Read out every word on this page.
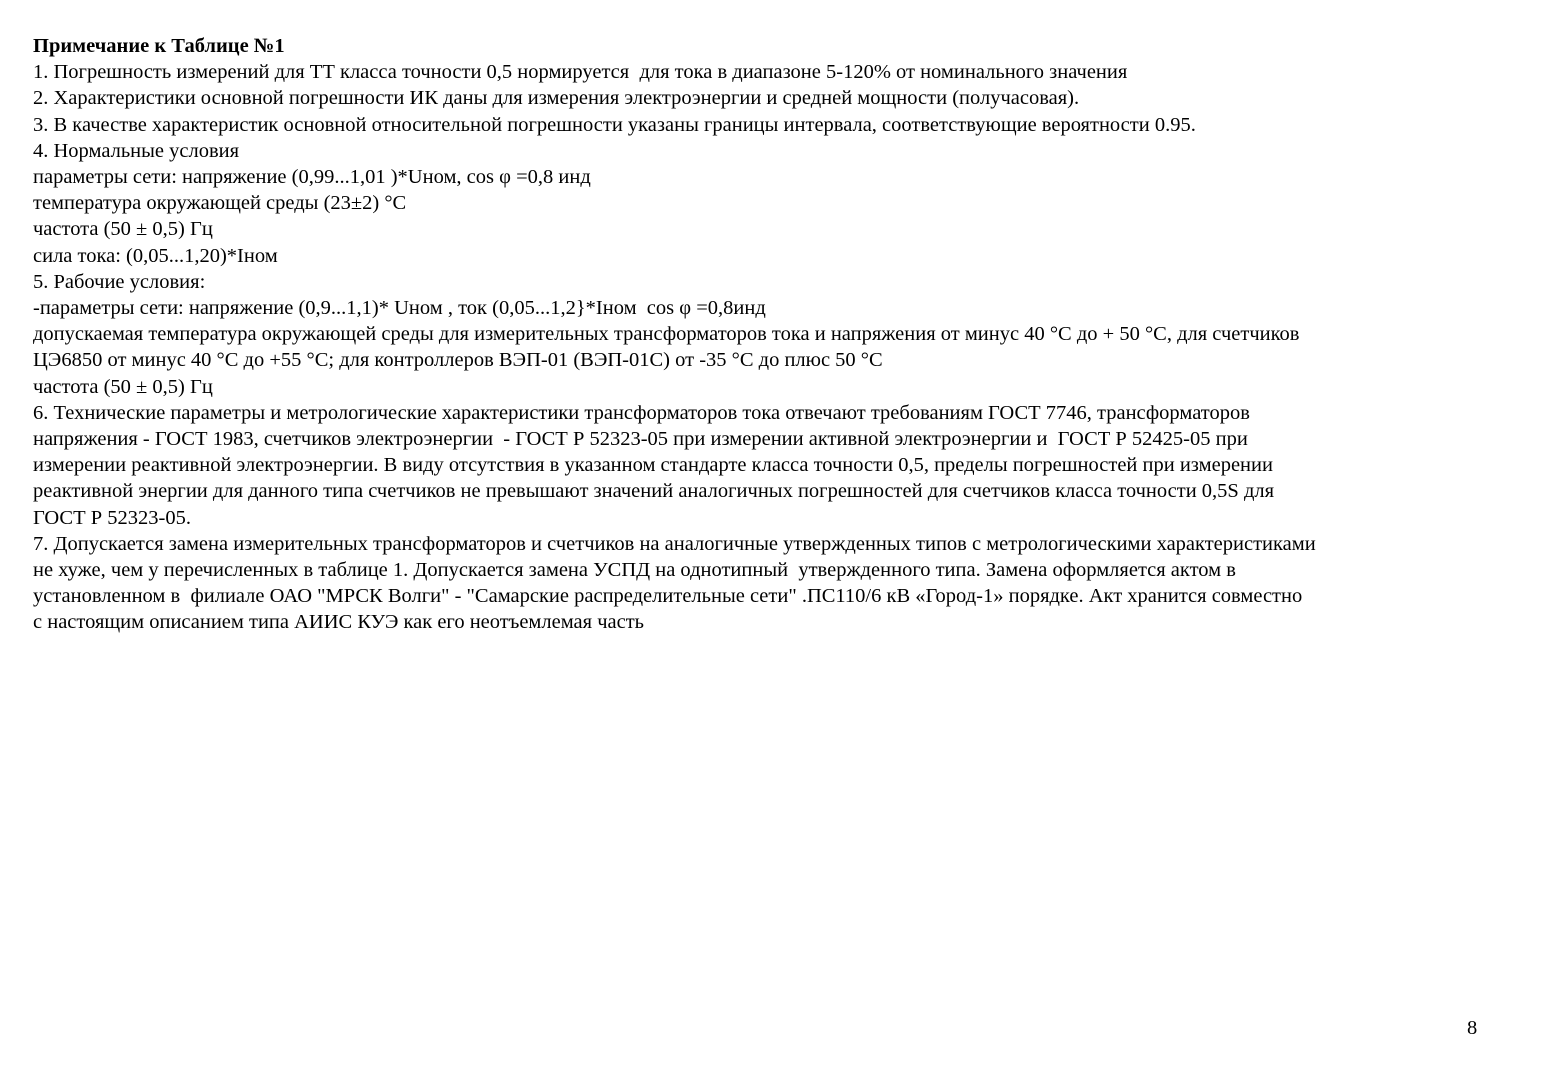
Примечание к Таблице №1
1. Погрешность измерений для ТТ класса точности 0,5 нормируется  для тока в диапазоне 5-120% от номинального значения
2. Характеристики основной погрешности ИК даны для измерения электроэнергии и средней мощности (получасовая).
3. В качестве характеристик основной относительной погрешности указаны границы интервала, соответствующие вероятности 0.95.
4. Нормальные условия
параметры сети: напряжение (0,99...1,01 )*Uном, cos φ =0,8 инд
температура окружающей среды (23±2) °C
частота (50 ± 0,5) Гц
сила тока: (0,05...1,20)*Iном
5. Рабочие условия:
-параметры сети: напряжение (0,9...1,1)* Uном , ток (0,05...1,2}*Iном  cos φ =0,8инд
допускаемая температура окружающей среды для измерительных трансформаторов тока и напряжения от минус 40 °С до + 50 °С, для счетчиков
ЦЭ6850 от минус 40 °С до +55 °С; для контроллеров ВЭП-01 (ВЭП-01С) от -35 °С до плюс 50 °С
частота (50 ± 0,5) Гц
6. Технические параметры и метрологические характеристики трансформаторов тока отвечают требованиям ГОСТ 7746, трансформаторов
напряжения - ГОСТ 1983, счетчиков электроэнергии  - ГОСТ Р 52323-05 при измерении активной электроэнергии и  ГОСТ Р 52425-05 при
измерении реактивной электроэнергии. В виду отсутствия в указанном стандарте класса точности 0,5, пределы погрешностей при измерении
реактивной энергии для данного типа счетчиков не превышают значений аналогичных погрешностей для счетчиков класса точности 0,5S для
ГОСТ Р 52323-05.
7. Допускается замена измерительных трансформаторов и счетчиков на аналогичные утвержденных типов с метрологическими характеристиками
не хуже, чем у перечисленных в таблице 1. Допускается замена УСПД на однотипный  утвержденного типа. Замена оформляется актом в
установленном в  филиале ОАО "МРСК Волги" - "Самарские распределительные сети" .ПС110/6 кВ «Город-1» порядке. Акт хранится совместно
с настоящим описанием типа АИИС КУЭ как его неотъемлемая часть
8
